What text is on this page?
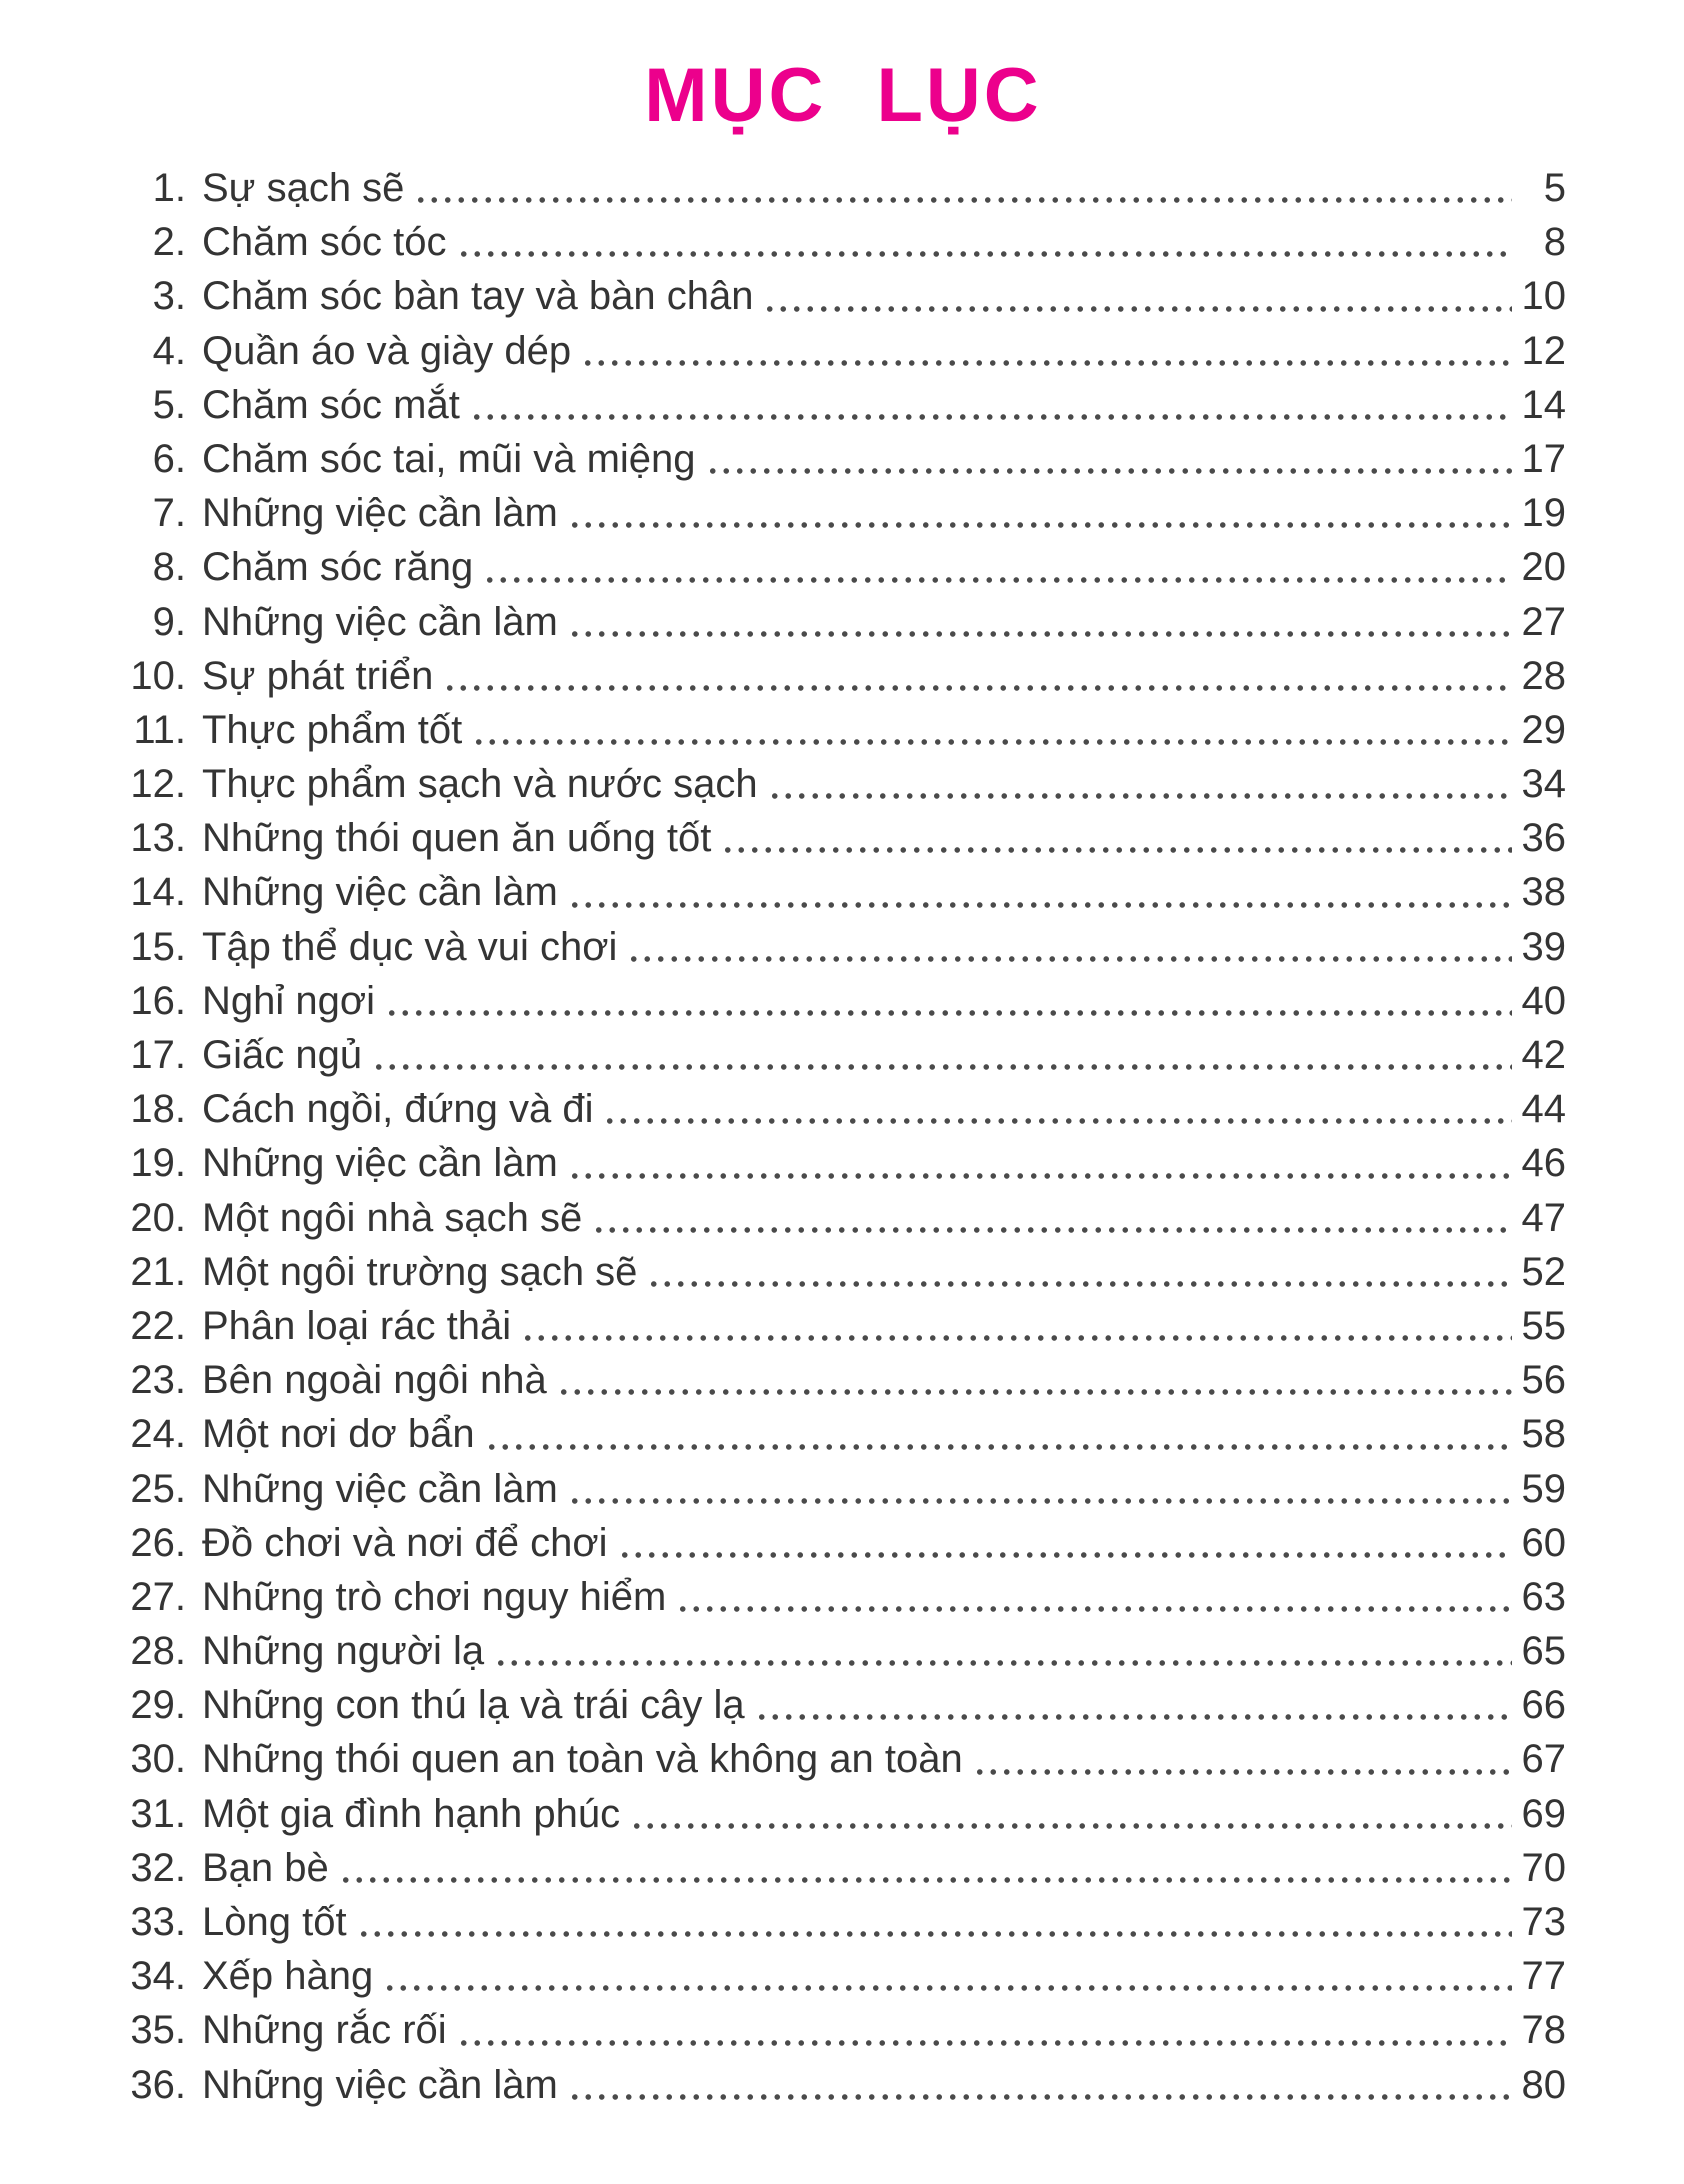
MỤC LỤC
1. Sự sạch sẽ	5
2. Chăm sóc tóc	8
3. Chăm sóc bàn tay và bàn chân	10
4. Quần áo và giày dép	12
5. Chăm sóc mắt	14
6. Chăm sóc tai, mũi và miệng	17
7. Những việc cần làm	19
8. Chăm sóc răng	20
9. Những việc cần làm	27
10. Sự phát triển	28
11. Thực phẩm tốt	29
12. Thực phẩm sạch và nước sạch	34
13. Những thói quen ăn uống tốt	36
14. Những việc cần làm	38
15. Tập thể dục và vui chơi	39
16. Nghỉ ngơi	40
17. Giấc ngủ	42
18. Cách ngồi, đứng và đi	44
19. Những việc cần làm	46
20. Một ngôi nhà sạch sẽ	47
21. Một ngôi trường sạch sẽ	52
22. Phân loại rác thải	55
23. Bên ngoài ngôi nhà	56
24. Một nơi dơ bẩn	58
25. Những việc cần làm	59
26. Đồ chơi và nơi để chơi	60
27. Những trò chơi nguy hiểm	63
28. Những người lạ	65
29. Những con thú lạ và trái cây lạ	66
30. Những thói quen an toàn và không an toàn	67
31. Một gia đình hạnh phúc	69
32. Bạn bè	70
33. Lòng tốt	73
34. Xếp hàng	77
35. Những rắc rối	78
36. Những việc cần làm	80
